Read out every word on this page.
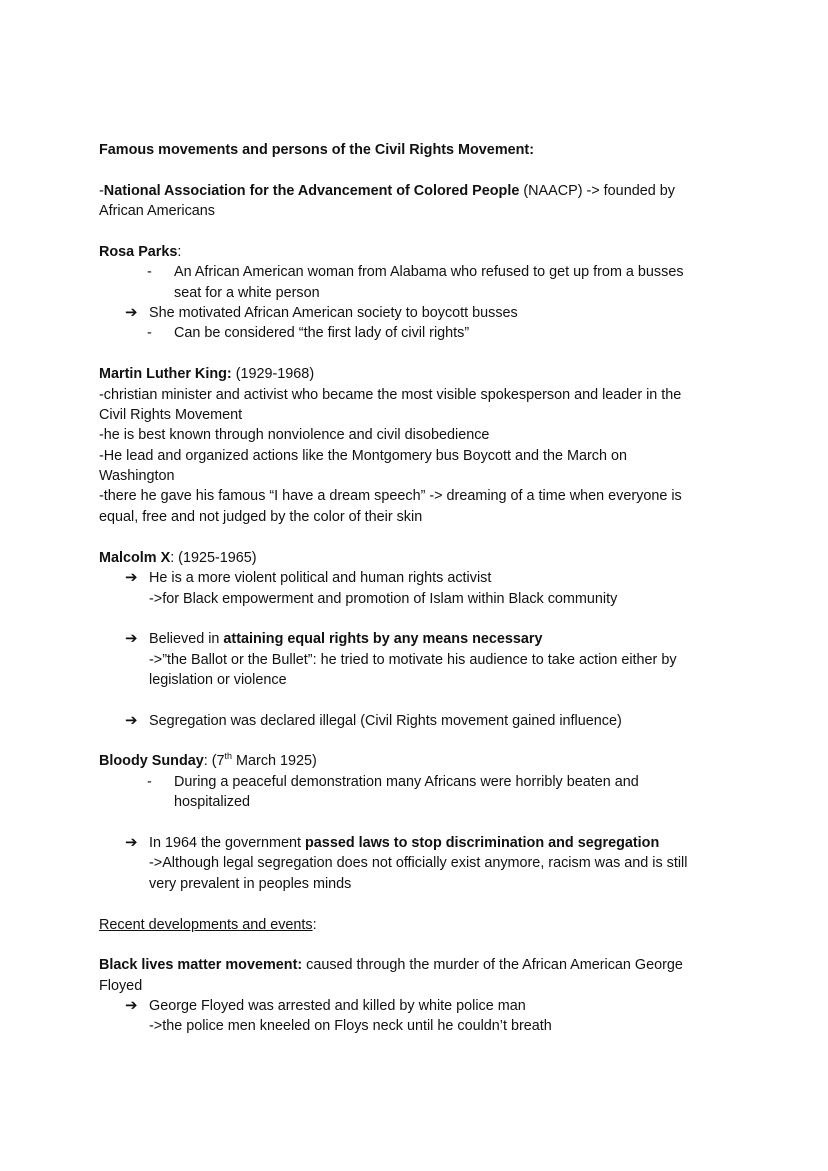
Famous movements and persons of the Civil Rights Movement:
-National Association for the Advancement of Colored People (NAACP) -> founded by
African Americans
Rosa Parks:
- An African American woman from Alabama who refused to get up from a busses
seat for a white person
➔ She motivated African American society to boycott busses
- Can be considered “the first lady of civil rights”
Martin Luther King: (1929-1968)
-christian minister and activist who became the most visible spokesperson and leader in the
Civil Rights Movement
-he is best known through nonviolence and civil disobedience
-He lead and organized actions like the Montgomery bus Boycott and the March on
Washington
-there he gave his famous “I have a dream speech” -> dreaming of a time when everyone is
equal, free and not judged by the color of their skin
Malcolm X: (1925-1965)
➔ He is a more violent political and human rights activist
->for Black empowerment and promotion of Islam within Black community
➔ Believed in attaining equal rights by any means necessary
->”the Ballot or the Bullet”: he tried to motivate his audience to take action either by
legislation or violence
➔ Segregation was declared illegal (Civil Rights movement gained influence)
Bloody Sunday: (7th March 1925)
- During a peaceful demonstration many Africans were horribly beaten and
hospitalized
➔ In 1964 the government passed laws to stop discrimination and segregation
->Although legal segregation does not officially exist anymore, racism was and is still
very prevalent in peoples minds
Recent developments and events:
Black lives matter movement: caused through the murder of the African American George
Floyed
➔ George Floyed was arrested and killed by white police man
->the police men kneeled on Floys neck until he couldn’t breath
